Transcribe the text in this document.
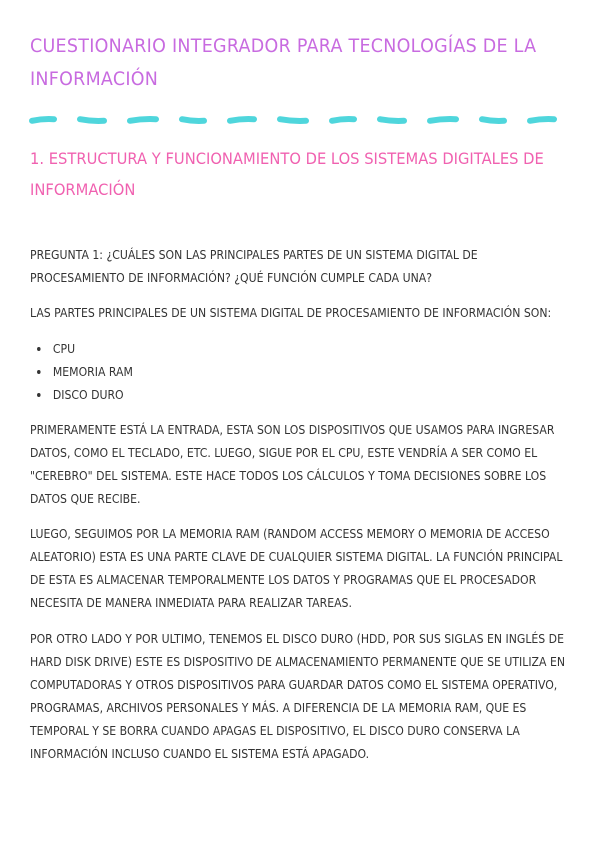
CUESTIONARIO INTEGRADOR PARA TECNOLOGÍAS DE LA INFORMACIÓN
1. ESTRUCTURA Y FUNCIONAMIENTO DE LOS SISTEMAS DIGITALES DE INFORMACIÓN

PREGUNTA 1: ¿CUÁLES SON LAS PRINCIPALES PARTES DE UN SISTEMA DIGITAL DE PROCESAMIENTO DE INFORMACIÓN? ¿QUÉ FUNCIÓN CUMPLE CADA UNA?

LAS PARTES PRINCIPALES DE UN SISTEMA DIGITAL DE PROCESAMIENTO DE INFORMACIÓN SON:

CPU
MEMORIA RAM
DISCO DURO

PRIMERAMENTE ESTÁ LA ENTRADA, ESTA SON LOS DISPOSITIVOS QUE USAMOS PARA INGRESAR DATOS, COMO EL TECLADO, ETC. LUEGO, SIGUE POR EL CPU, ESTE VENDRÍA A SER COMO EL "CEREBRO" DEL SISTEMA. ESTE HACE TODOS LOS CÁLCULOS Y TOMA DECISIONES SOBRE LOS DATOS QUE RECIBE.

LUEGO, SEGUIMOS POR LA MEMORIA RAM (RANDOM ACCESS MEMORY O MEMORIA DE ACCESO ALEATORIO) ESTA ES UNA PARTE CLAVE DE CUALQUIER SISTEMA DIGITAL. LA FUNCIÓN PRINCIPAL DE ESTA ES ALMACENAR TEMPORALMENTE LOS DATOS Y PROGRAMAS QUE EL PROCESADOR NECESITA DE MANERA INMEDIATA PARA REALIZAR TAREAS.

POR OTRO LADO Y POR ULTIMO, TENEMOS EL DISCO DURO (HDD, POR SUS SIGLAS EN INGLÉS DE HARD DISK DRIVE) ESTE ES DISPOSITIVO DE ALMACENAMIENTO PERMANENTE QUE SE UTILIZA EN COMPUTADORAS Y OTROS DISPOSITIVOS PARA GUARDAR DATOS COMO EL SISTEMA OPERATIVO, PROGRAMAS, ARCHIVOS PERSONALES Y MÁS. A DIFERENCIA DE LA MEMORIA RAM, QUE ES TEMPORAL Y SE BORRA CUANDO APAGAS EL DISPOSITIVO, EL DISCO DURO CONSERVA LA INFORMACIÓN INCLUSO CUANDO EL SISTEMA ESTÁ APAGADO.
